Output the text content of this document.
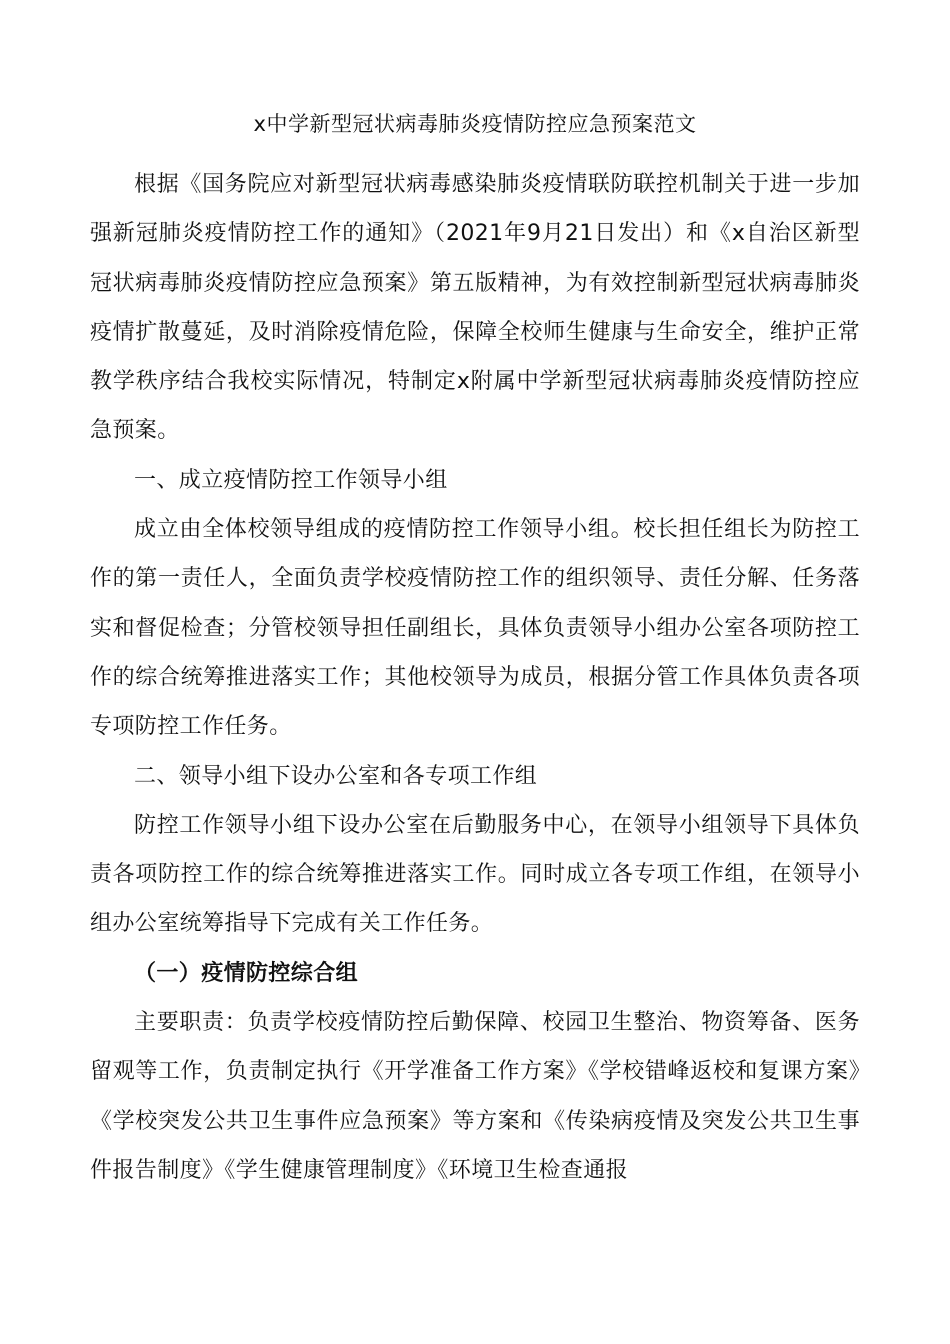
x中学新型冠状病毒肺炎疫情防控应急预案范文

根据《国务院应对新型冠状病毒感染肺炎疫情联防联控机制关于进一步加强新冠肺炎疫情防控工作的通知》（2021年9月21日发出）和《x自治区新型冠状病毒肺炎疫情防控应急预案》第五版精神，为有效控制新型冠状病毒肺炎疫情扩散蔓延，及时消除疫情危险，保障全校师生健康与生命安全，维护正常教学秩序结合我校实际情况，特制定x附属中学新型冠状病毒肺炎疫情防控应急预案。

一、成立疫情防控工作领导小组

成立由全体校领导组成的疫情防控工作领导小组。校长担任组长为防控工作的第一责任人，全面负责学校疫情防控工作的组织领导、责任分解、任务落实和督促检查；分管校领导担任副组长，具体负责领导小组办公室各项防控工作的综合统筹推进落实工作；其他校领导为成员，根据分管工作具体负责各项专项防控工作任务。

二、领导小组下设办公室和各专项工作组

防控工作领导小组下设办公室在后勤服务中心，在领导小组领导下具体负责各项防控工作的综合统筹推进落实工作。同时成立各专项工作组，在领导小组办公室统筹指导下完成有关工作任务。

（一）疫情防控综合组

主要职责：负责学校疫情防控后勤保障、校园卫生整治、物资筹备、医务留观等工作，负责制定执行《开学准备工作方案》《学校错峰返校和复课方案》《学校突发公共卫生事件应急预案》等方案和《传染病疫情及突发公共卫生事件报告制度》《学生健康管理制度》《环境卫生检查通报
